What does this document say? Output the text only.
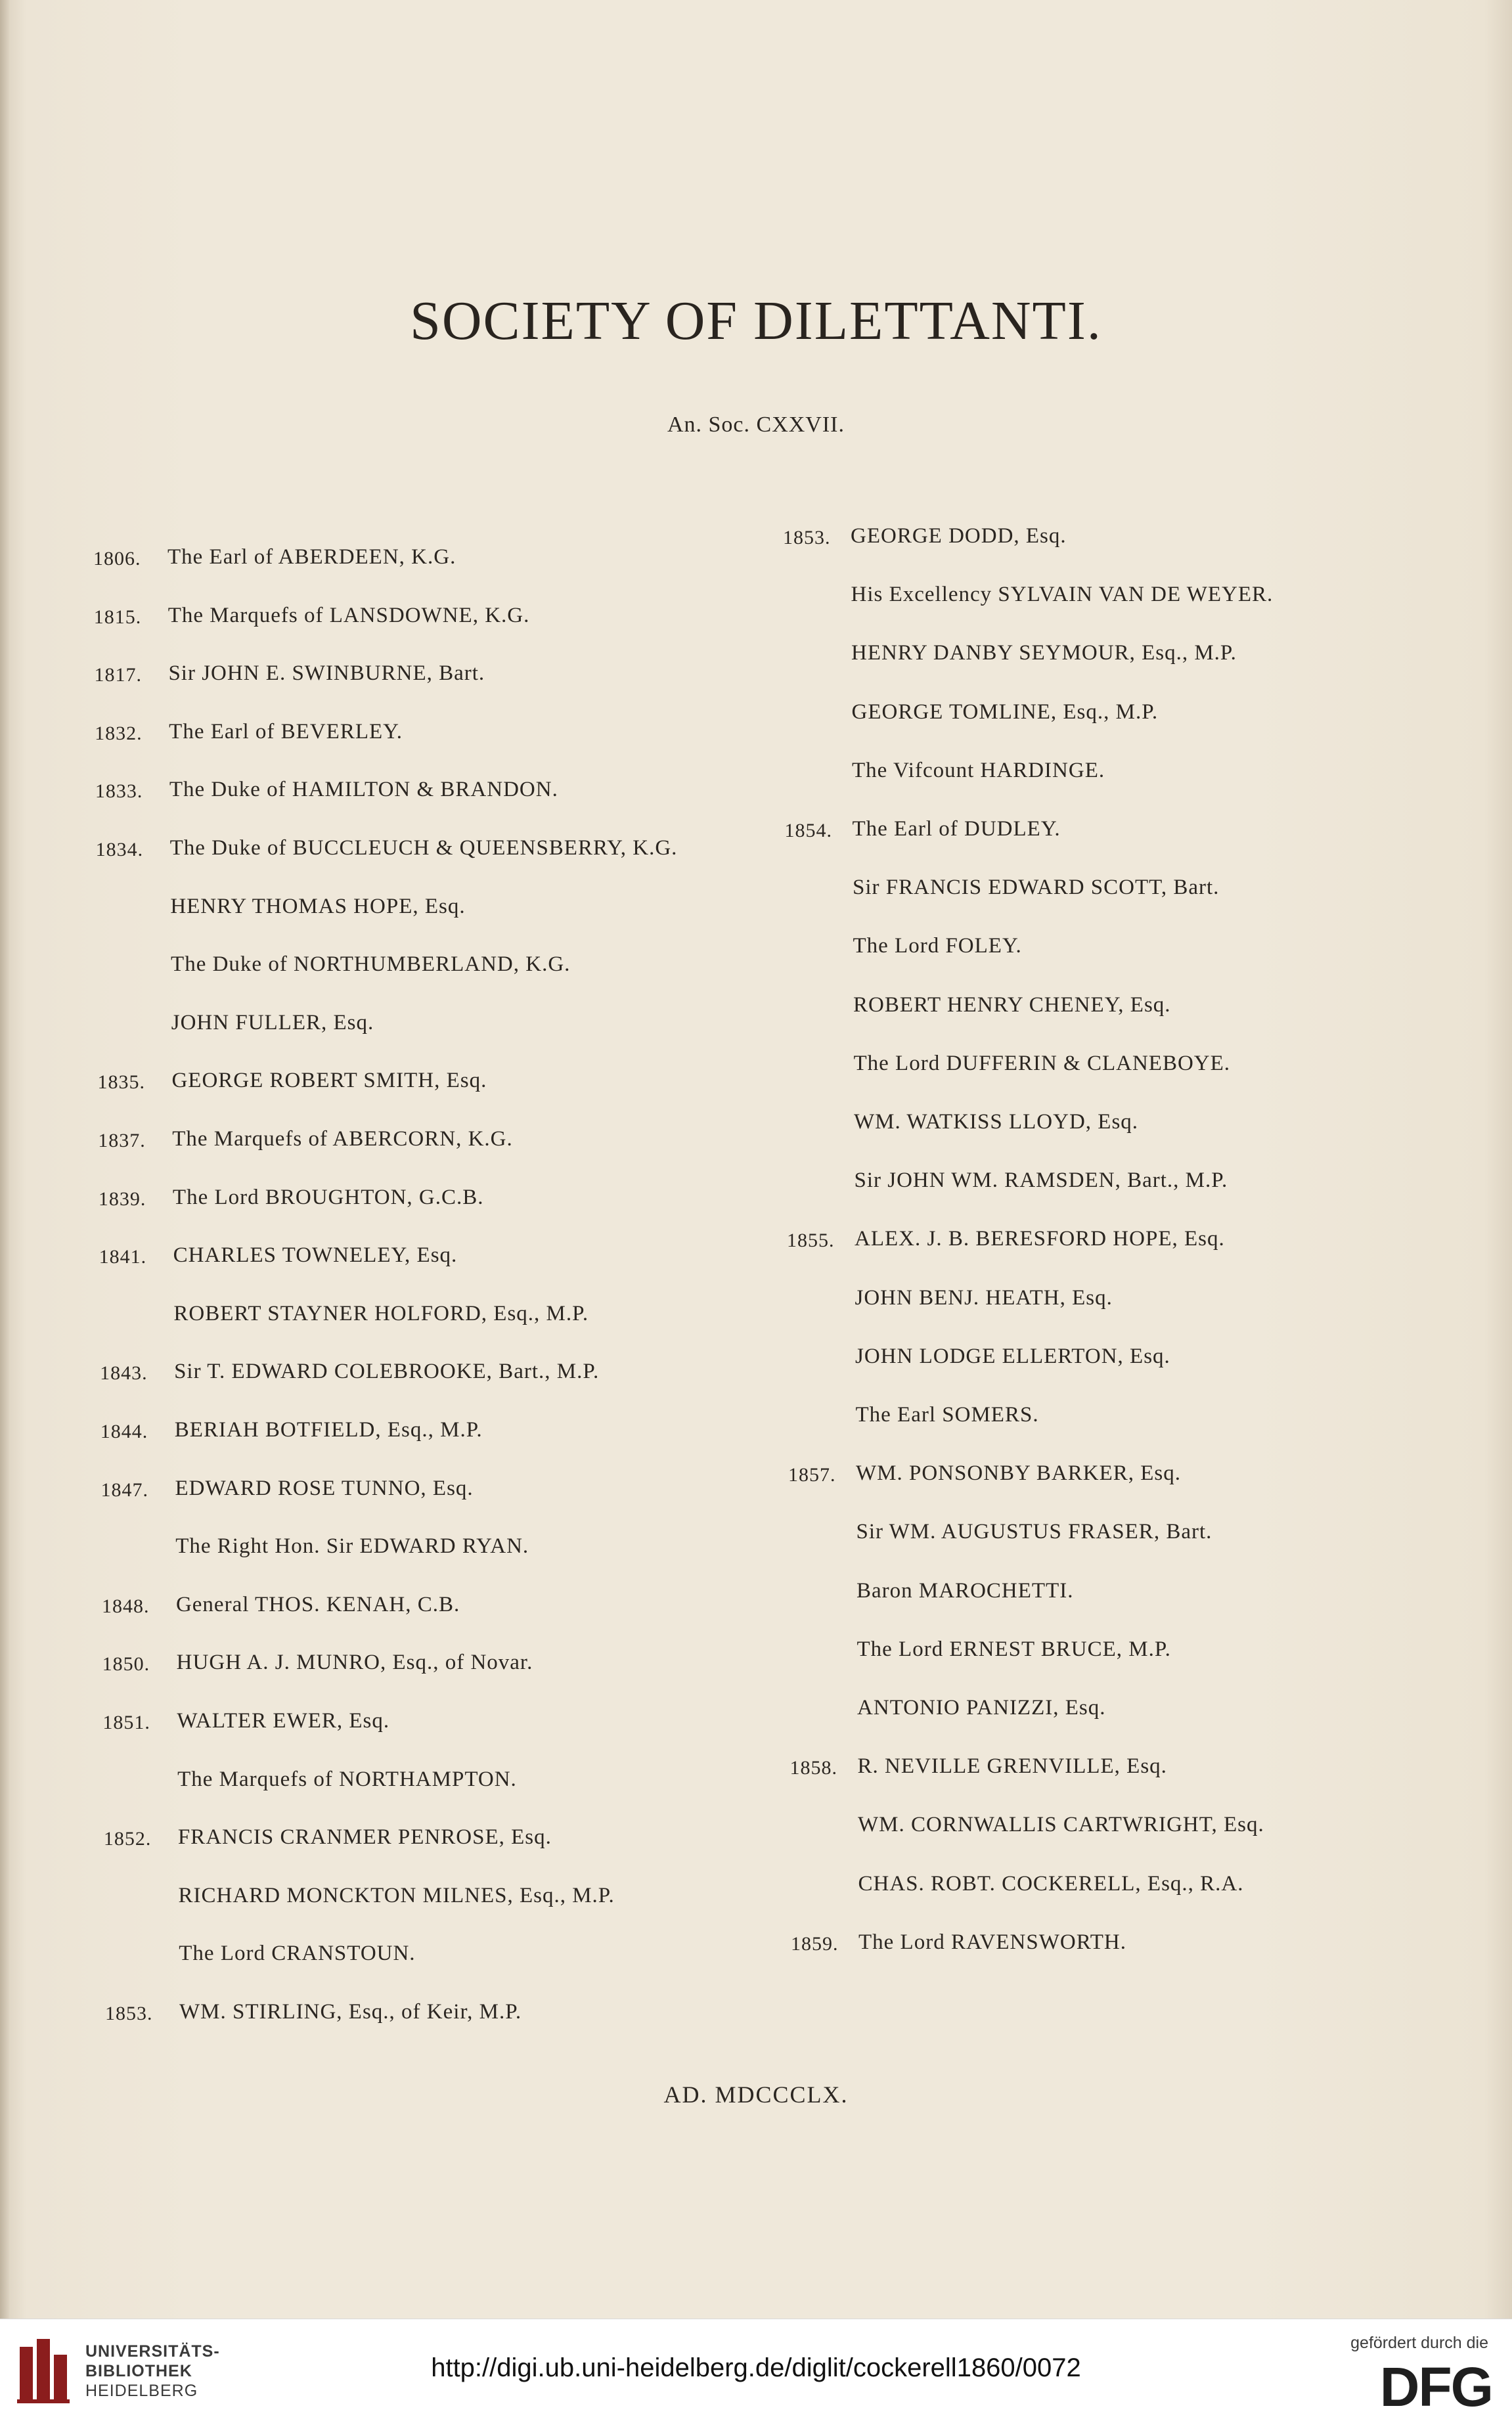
SOCIETY OF DILETTANTI.
An. Soc. CXXVII.
1806. The Earl of ABERDEEN, K.G.
1815. The Marquefs of LANSDOWNE, K.G.
1817. Sir JOHN E. SWINBURNE, Bart.
1832. The Earl of BEVERLEY.
1833. The Duke of HAMILTON & BRANDON.
1834. The Duke of BUCCLEUCH & QUEENSBERRY, K.G.
HENRY THOMAS HOPE, Esq.
The Duke of NORTHUMBERLAND, K.G.
JOHN FULLER, Esq.
1835. GEORGE ROBERT SMITH, Esq.
1837. The Marquefs of ABERCORN, K.G.
1839. The Lord BROUGHTON, G.C.B.
1841. CHARLES TOWNELEY, Esq.
ROBERT STAYNER HOLFORD, Esq., M.P.
1843. Sir T. EDWARD COLEBROOKE, Bart., M.P.
1844. BERIAH BOTFIELD, Esq., M.P.
1847. EDWARD ROSE TUNNO, Esq.
The Right Hon. Sir EDWARD RYAN.
1848. General THOS. KENAH, C.B.
1850. HUGH A. J. MUNRO, Esq., of Novar.
1851. WALTER EWER, Esq.
The Marquefs of NORTHAMPTON.
1852. FRANCIS CRANMER PENROSE, Esq.
RICHARD MONCKTON MILNES, Esq., M.P.
The Lord CRANSTOUN.
1853. WM. STIRLING, Esq., of Keir, M.P.
1853. GEORGE DODD, Esq.
His Excellency SYLVAIN VAN DE WEYER.
HENRY DANBY SEYMOUR, Esq., M.P.
GEORGE TOMLINE, Esq., M.P.
The Vifcount HARDINGE.
1854. The Earl of DUDLEY.
Sir FRANCIS EDWARD SCOTT, Bart.
The Lord FOLEY.
ROBERT HENRY CHENEY, Esq.
The Lord DUFFERIN & CLANEBOYE.
WM. WATKISS LLOYD, Esq.
Sir JOHN WM. RAMSDEN, Bart., M.P.
1855. ALEX. J. B. BERESFORD HOPE, Esq.
JOHN BENJ. HEATH, Esq.
JOHN LODGE ELLERTON, Esq.
The Earl SOMERS.
1857. WM. PONSONBY BARKER, Esq.
Sir WM. AUGUSTUS FRASER, Bart.
Baron MAROCHETTI.
The Lord ERNEST BRUCE, M.P.
ANTONIO PANIZZI, Esq.
1858. R. NEVILLE GRENVILLE, Esq.
WM. CORNWALLIS CARTWRIGHT, Esq.
CHAS. ROBT. COCKERELL, Esq., R.A.
1859. The Lord RAVENSWORTH.
AD. MDCCCLX.
UNIVERSITÄTS-
BIBLIOTHEK
HEIDELBERG
http://digi.ub.uni-heidelberg.de/diglit/cockerell1860/0072
gefördert durch die
DFG
